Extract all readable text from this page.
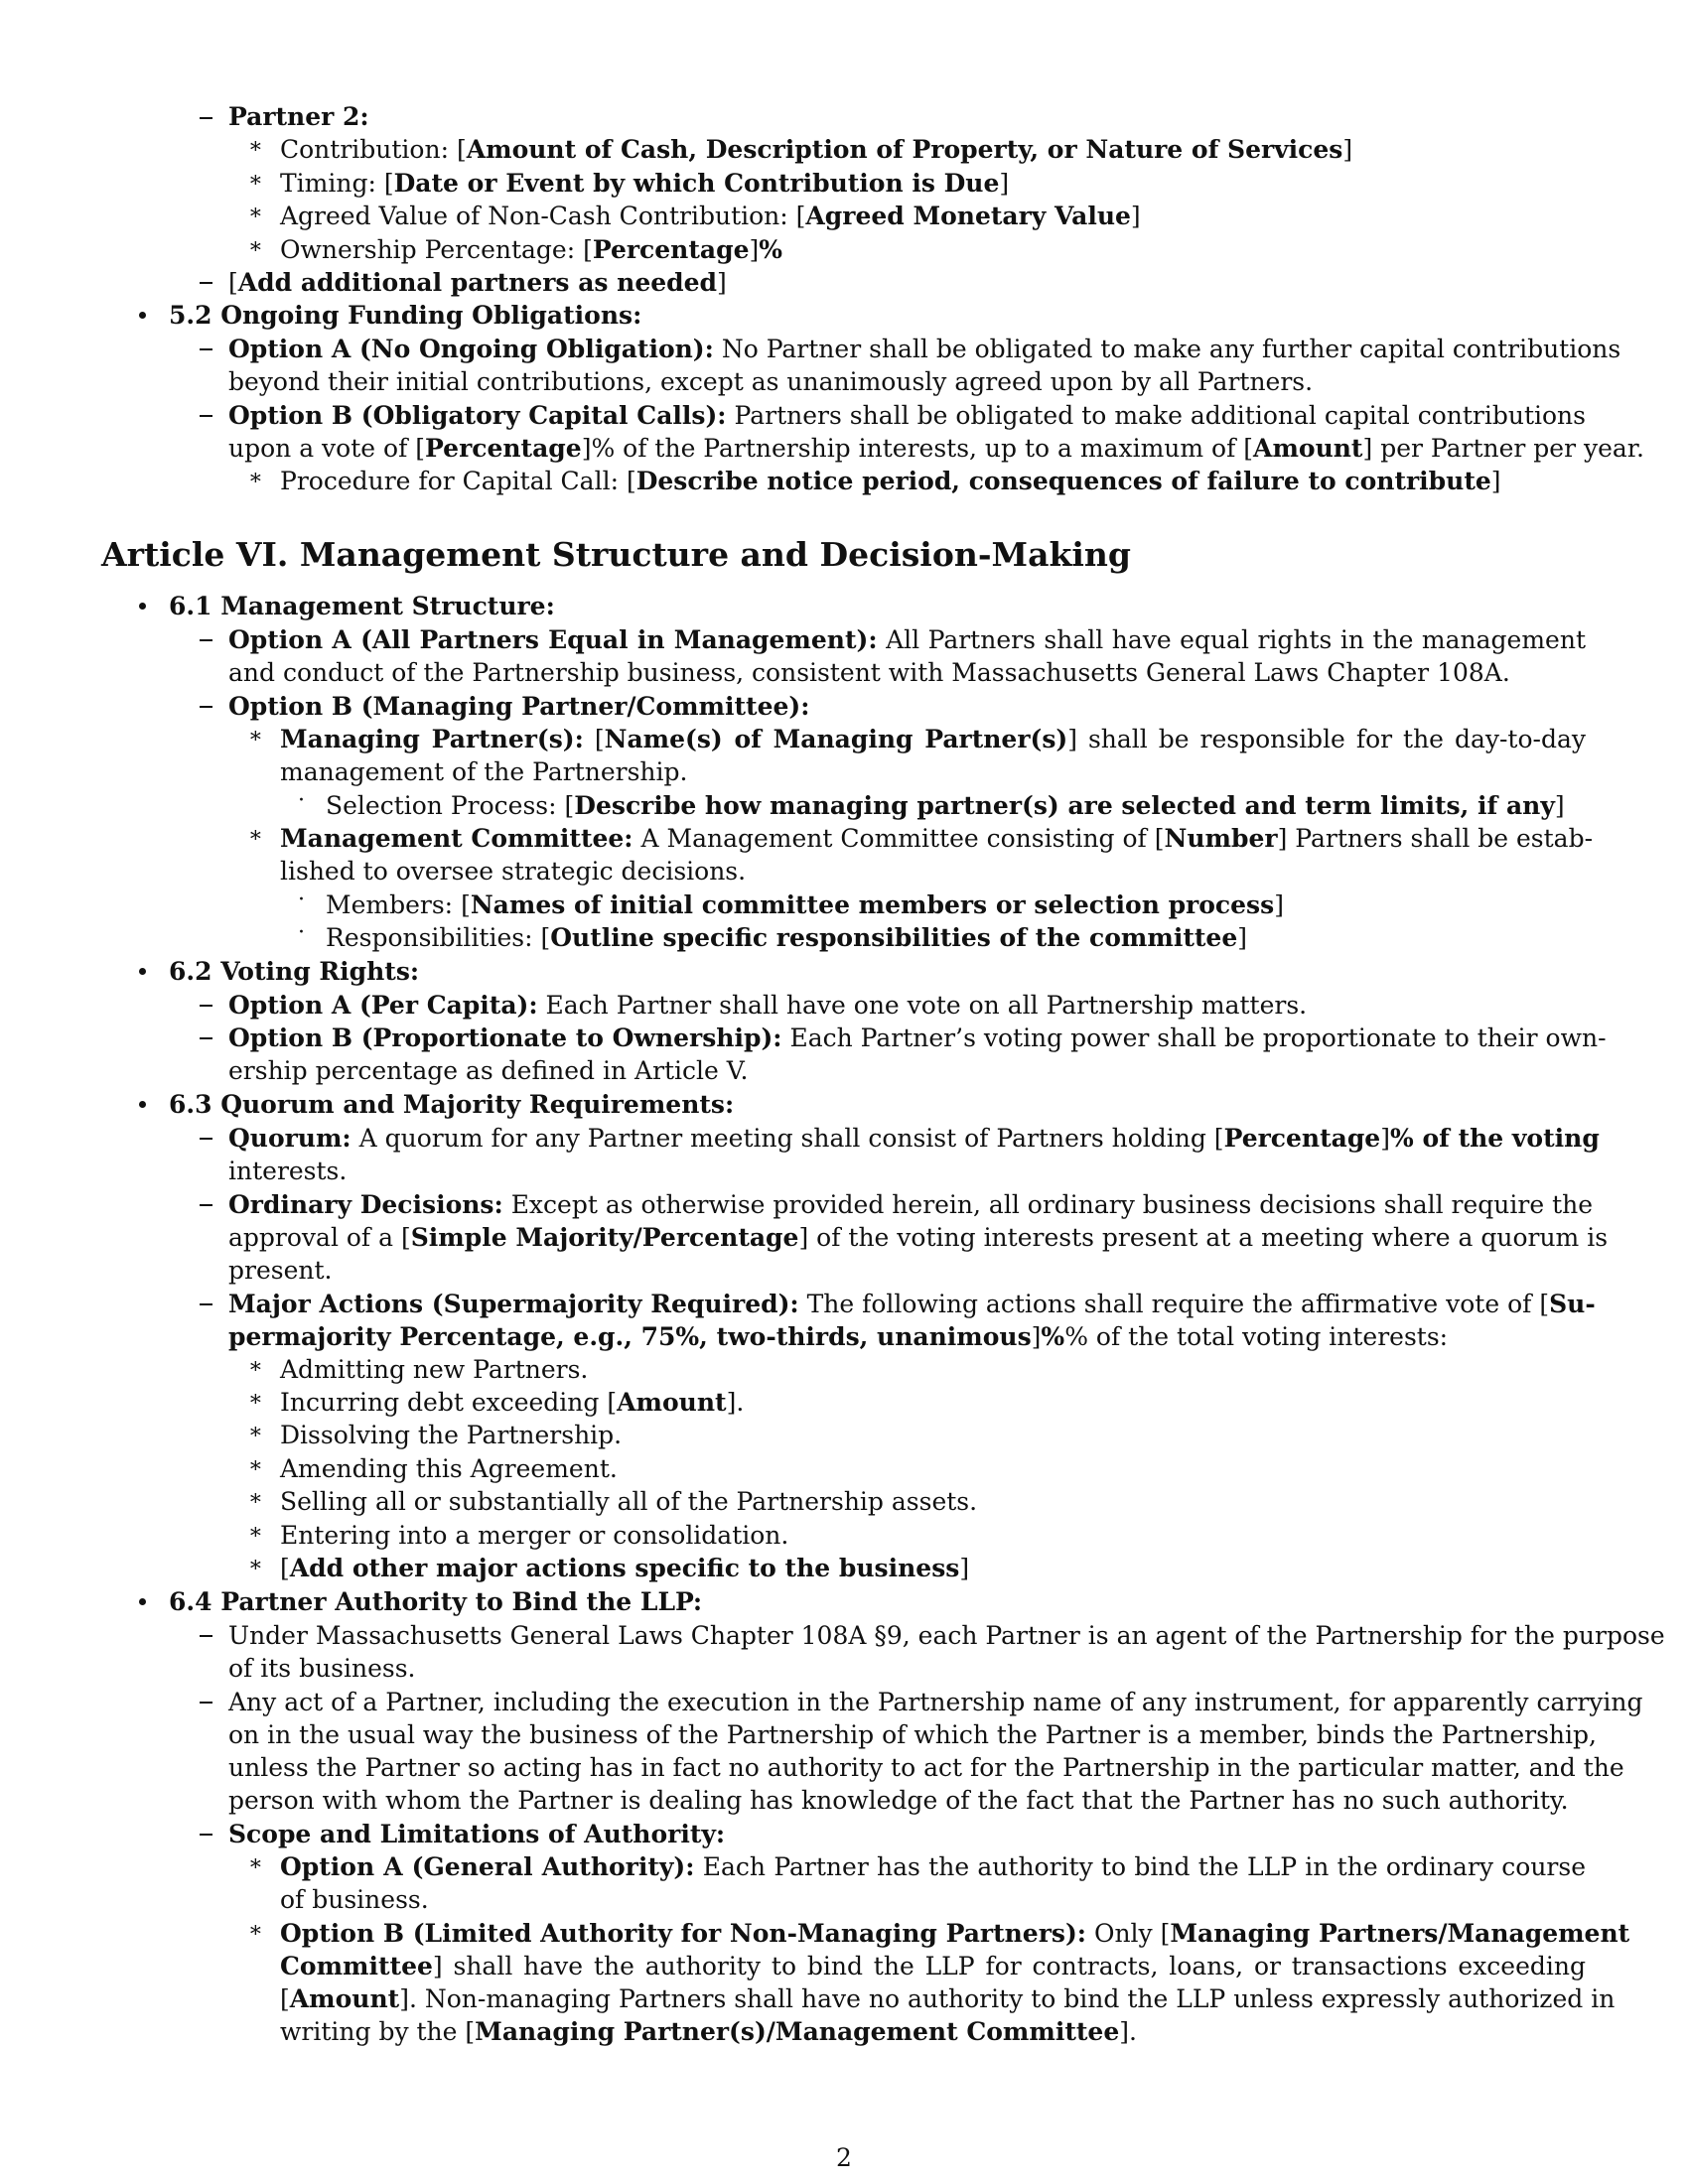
Partner 2:
∗ Contribution: [Amount of Cash, Description of Property, or Nature of Services]
∗ Timing: [Date or Event by which Contribution is Due]
∗ Agreed Value of Non-Cash Contribution: [Agreed Monetary Value]
∗ Ownership Percentage: [Percentage]%
[Add additional partners as needed]
5.2 Ongoing Funding Obligations:
Option A (No Ongoing Obligation): No Partner shall be obligated to make any further capital contributions
beyond their initial contributions, except as unanimously agreed upon by all Partners.
Option B (Obligatory Capital Calls): Partners shall be obligated to make additional capital contributions
upon a vote of [Percentage]% of the Partnership interests, up to a maximum of [Amount] per Partner per year.
∗ Procedure for Capital Call: [Describe notice period, consequences of failure to contribute]
Article VI. Management Structure and Decision-Making
6.1 Management Structure:
Option A (All Partners Equal in Management): All Partners shall have equal rights in the management
and conduct of the Partnership business, consistent with Massachusetts General Laws Chapter 108A.
Option B (Managing Partner/Committee):
∗ Managing Partner(s): [Name(s) of Managing Partner(s)] shall be responsible for the day-to-day
management of the Partnership.
· Selection Process: [Describe how managing partner(s) are selected and term limits, if any]
∗ Management Committee: A Management Committee consisting of [Number] Partners shall be estab-
lished to oversee strategic decisions.
· Members: [Names of initial committee members or selection process]
· Responsibilities: [Outline specific responsibilities of the committee]
6.2 Voting Rights:
Option A (Per Capita): Each Partner shall have one vote on all Partnership matters.
Option B (Proportionate to Ownership): Each Partner’s voting power shall be proportionate to their own-
ership percentage as defined in Article V.
6.3 Quorum and Majority Requirements:
Quorum: A quorum for any Partner meeting shall consist of Partners holding [Percentage]% of the voting
interests.
Ordinary Decisions: Except as otherwise provided herein, all ordinary business decisions shall require the
approval of a [Simple Majority/Percentage] of the voting interests present at a meeting where a quorum is
present.
Major Actions (Supermajority Required): The following actions shall require the affirmative vote of [Su-
permajority Percentage, e.g., 75%, two-thirds, unanimous]%% of the total voting interests:
∗ Admitting new Partners.
∗ Incurring debt exceeding [Amount].
∗ Dissolving the Partnership.
∗ Amending this Agreement.
∗ Selling all or substantially all of the Partnership assets.
∗ Entering into a merger or consolidation.
∗ [Add other major actions specific to the business]
6.4 Partner Authority to Bind the LLP:
Under Massachusetts General Laws Chapter 108A §9, each Partner is an agent of the Partnership for the purpose
of its business.
Any act of a Partner, including the execution in the Partnership name of any instrument, for apparently carrying
on in the usual way the business of the Partnership of which the Partner is a member, binds the Partnership,
unless the Partner so acting has in fact no authority to act for the Partnership in the particular matter, and the
person with whom the Partner is dealing has knowledge of the fact that the Partner has no such authority.
Scope and Limitations of Authority:
∗ Option A (General Authority): Each Partner has the authority to bind the LLP in the ordinary course
of business.
∗ Option B (Limited Authority for Non-Managing Partners): Only [Managing Partners/Management
Committee] shall have the authority to bind the LLP for contracts, loans, or transactions exceeding
[Amount]. Non-managing Partners shall have no authority to bind the LLP unless expressly authorized in
writing by the [Managing Partner(s)/Management Committee].
2
